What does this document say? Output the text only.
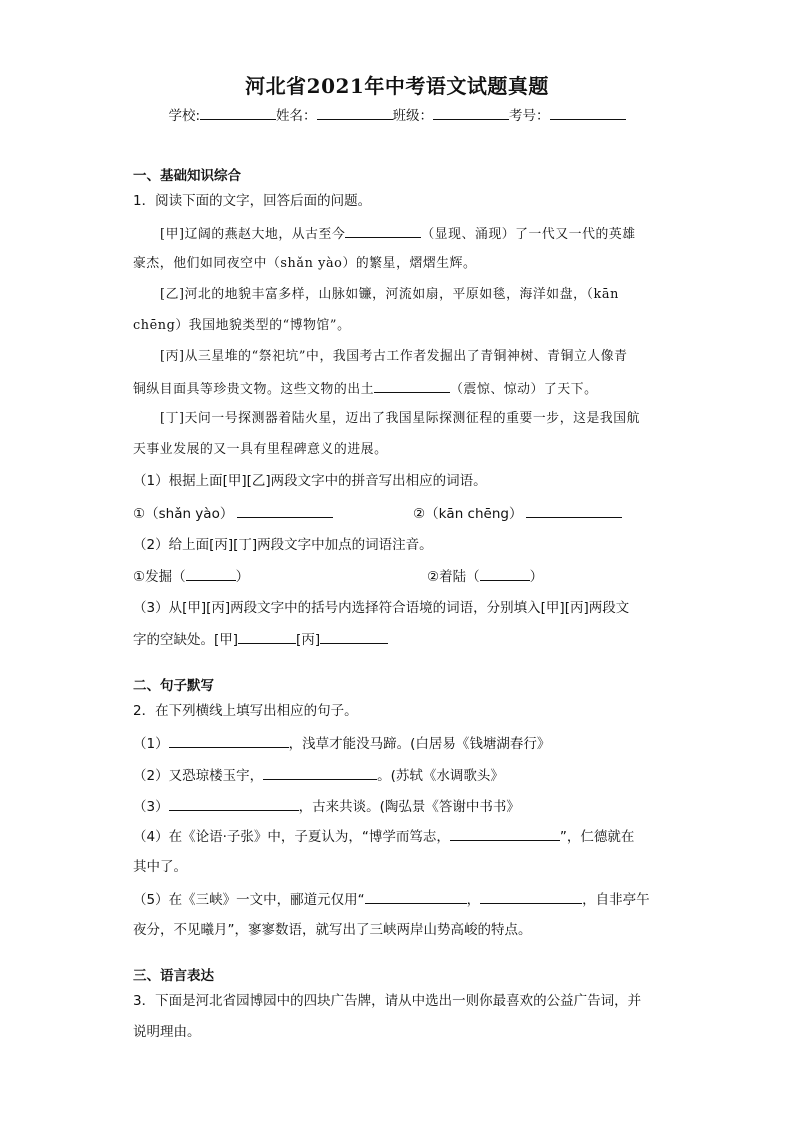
河北省2021年中考语文试题真题
学校:	姓名：	班级：	考号：
一、基础知识综合
1．阅读下面的文字，回答后面的问题。
[甲]辽阔的燕赵大地，从古至今	（显现、涌现）了一代又一代的英雄
豪杰，他们如同夜空中（shǎn yào）的繁星，熠熠生辉。
[乙]河北的地貌丰富多样，山脉如镰，河流如扇，平原如毯，海洋如盘，（kān
chēng）我国地貌类型的“博物馆”。
[丙]从三星堆的“祭祀坑”中，我国考古工作者发掘出了青铜神树、青铜立人像青
铜纵目面具等珍贵文物。这些文物的出土	（震惊、惊动）了天下。
[丁]天问一号探测器着陆火星，迈出了我国星际探测征程的重要一步，这是我国航
天事业发展的又一具有里程碑意义的进展。
（1）根据上面[甲][乙]两段文字中的拼音写出相应的词语。
①（shǎn yào）	②（kān chēng）
（2）给上面[丙][丁]两段文字中加点的词语注音。
①发掘（	）	②着陆（	）
（3）从[甲][丙]两段文字中的括号内选择符合语境的词语，分别填入[甲][丙]两段文
字的空缺处。[甲]	[丙]
二、句子默写
2．在下列横线上填写出相应的句子。
（1）	，浅草才能没马蹄。(白居易《钱塘湖春行》
（2）又恐琼楼玉宇，	。(苏轼《水调歌头》
（3）	，古来共谈。(陶弘景《答谢中书书》
（4）在《论语·子张》中，子夏认为，“博学而笃志，	”，仁德就在
其中了。
（5）在《三峡》一文中，郦道元仅用“	，	，自非亭午
夜分，不见曦月”，寥寥数语，就写出了三峡两岸山势高峻的特点。
三、语言表达
3．下面是河北省园博园中的四块广告牌，请从中选出一则你最喜欢的公益广告词，并
说明理由。
